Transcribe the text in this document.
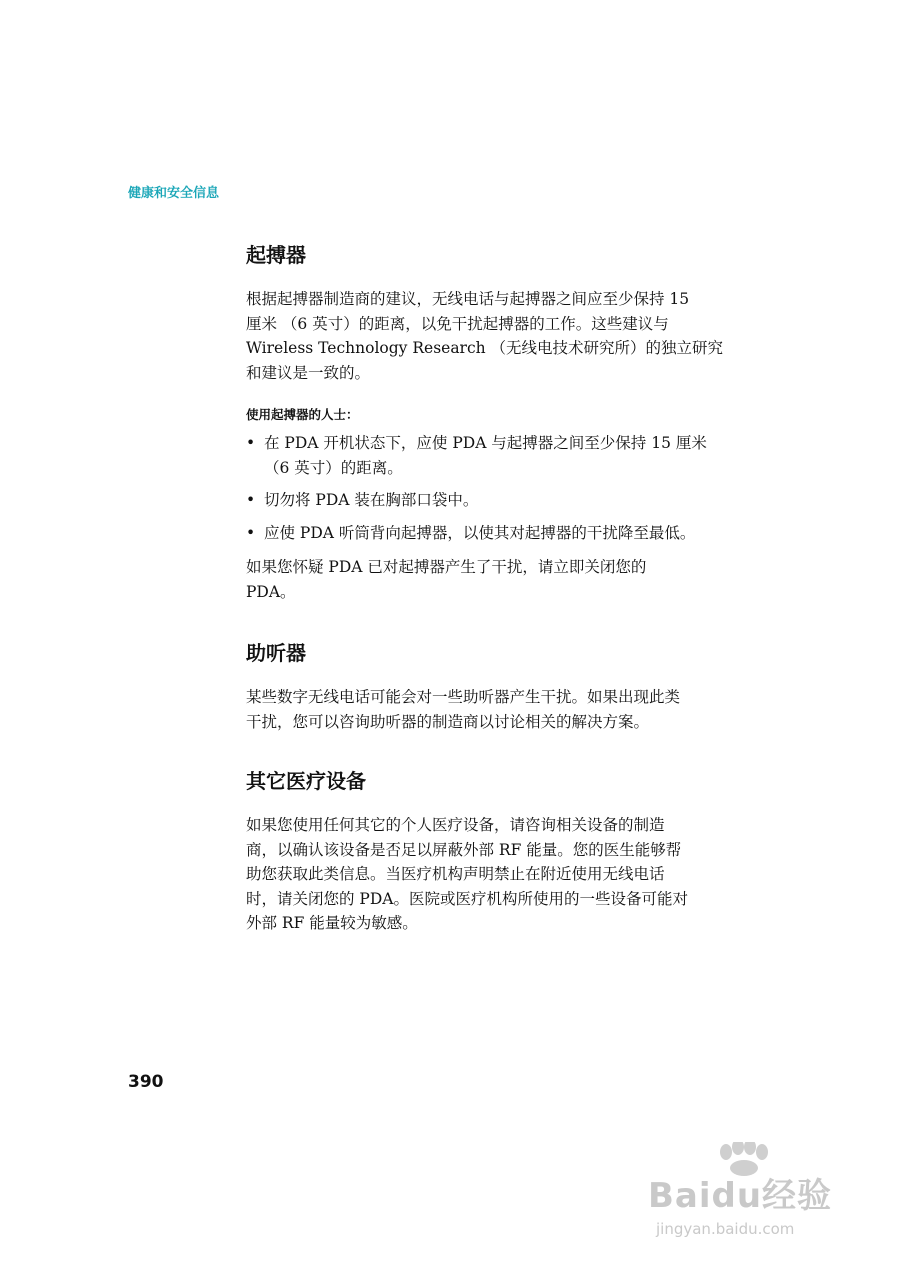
健康和安全信息
起搏器

根据起搏器制造商的建议，无线电话与起搏器之间应至少保持 15

厘米 （6 英寸）的距离，以免干扰起搏器的工作。这些建议与

Wireless Technology Research （无线电技术研究所）的独立研究

和建议是一致的。

使用起搏器的人士：

• 在 PDA 开机状态下，应使 PDA 与起搏器之间至少保持 15 厘米
（6 英寸）的距离。
• 切勿将 PDA 装在胸部口袋中。
• 应使 PDA 听筒背向起搏器，以使其对起搏器的干扰降至最低。

如果您怀疑 PDA 已对起搏器产生了干扰，请立即关闭您的

PDA。

助听器

某些数字无线电话可能会对一些助听器产生干扰。如果出现此类

干扰，您可以咨询助听器的制造商以讨论相关的解决方案。

其它医疗设备

如果您使用任何其它的个人医疗设备，请咨询相关设备的制造

商，以确认该设备是否足以屏蔽外部 RF 能量。您的医生能够帮

助您获取此类信息。当医疗机构声明禁止在附近使用无线电话

时，请关闭您的 PDA。医院或医疗机构所使用的一些设备可能对

外部 RF 能量较为敏感。

390
Baidu经验
jingyan.baidu.com
